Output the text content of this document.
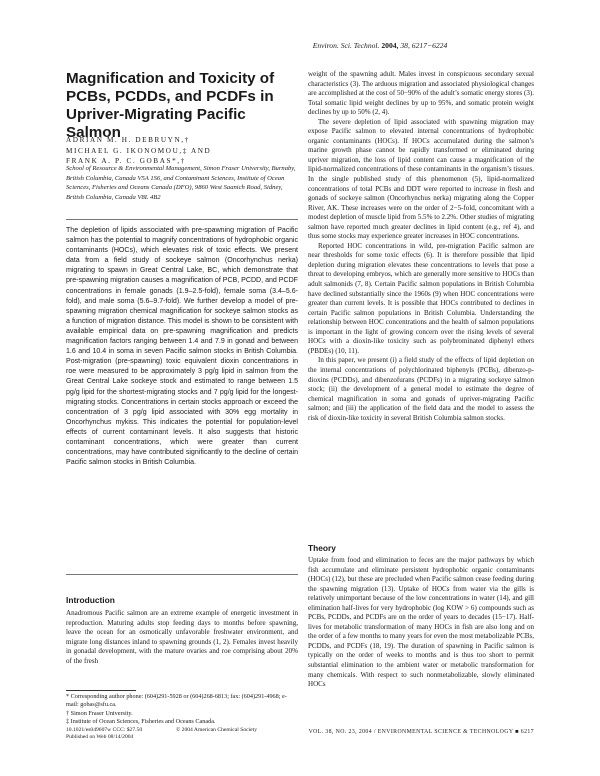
Environ. Sci. Technol. 2004, 38, 6217−6224
Magnification and Toxicity of PCBs, PCDDs, and PCDFs in Upriver-Migrating Pacific Salmon
ADRIAN M. H. DEBRUYN,†
MICHAEL G. IKONOMOU,‡ AND
FRANK A. P. C. GOBAS*,†
School of Resource & Environmental Management, Simon Fraser University, Burnaby, British Columbia, Canada V5A 1S6, and Contaminant Sciences, Institute of Ocean Sciences, Fisheries and Oceans Canada (DFO), 9860 West Saanich Road, Sidney, British Columbia, Canada V8L 4B2

The depletion of lipids associated with pre-spawning migration of Pacific salmon has the potential to magnify concentrations of hydrophobic organic contaminants (HOCs), which elevates risk of toxic effects. We present data from a field study of sockeye salmon (Oncorhynchus nerka) migrating to spawn in Great Central Lake, BC, which demonstrate that pre-spawning migration causes a magnification of PCB, PCDD, and PCDF concentrations in female gonads (1.9–2.5-fold), female soma (3.4–5.6-fold), and male soma (5.6–9.7-fold). We further develop a model of pre-spawning migration chemical magnification for sockeye salmon stocks as a function of migration distance. This model is shown to be consistent with available empirical data on pre-spawning magnification and predicts magnification factors ranging between 1.4 and 7.9 in gonad and between 1.6 and 10.4 in soma in seven Pacific salmon stocks in British Columbia. Post-migration (pre-spawning) toxic equivalent dioxin concentrations in roe were measured to be approximately 3 pg/g lipid in salmon from the Great Central Lake sockeye stock and estimated to range between 1.5 pg/g lipid for the shortest-migrating stocks and 7 pg/g lipid for the longest-migrating stocks. Concentrations in certain stocks approach or exceed the concentration of 3 pg/g lipid associated with 30% egg mortality in Oncorhynchus mykiss. This indicates the potential for population-level effects of current contaminant levels. It also suggests that historic contaminant concentrations, which were greater than current concentrations, may have contributed significantly to the decline of certain Pacific salmon stocks in British Columbia.

Introduction

Anadromous Pacific salmon are an extreme example of energetic investment in reproduction. Maturing adults stop feeding days to months before spawning, leave the ocean for an osmotically unfavorable freshwater environment, and migrate long distances inland to spawning grounds (1, 2). Females invest heavily in gonadal development, with the mature ovaries and roe comprising about 20% of the fresh

* Corresponding author phone: (604)291-5928 or (604)268-6813; fax: (604)291-4968; e-mail: gobas@sfu.ca.

† Simon Fraser University.

‡ Institute of Ocean Sciences, Fisheries and Oceans Canada.

weight of the spawning adult. Males invest in conspicuous secondary sexual characteristics (3). The arduous migration and associated physiological changes are accomplished at the cost of 50−90% of the adult’s somatic energy stores (3). Total somatic lipid weight declines by up to 95%, and somatic protein weight declines by up to 50% (2, 4).

The severe depletion of lipid associated with spawning migration may expose Pacific salmon to elevated internal concentrations of hydrophobic organic contaminants (HOCs). If HOCs accumulated during the salmon’s marine growth phase cannot be rapidly transformed or eliminated during upriver migration, the loss of lipid content can cause a magnification of the lipid-normalized concentrations of these contaminants in the organism’s tissues. In the single published study of this phenomenon (5), lipid-normalized concentrations of total PCBs and DDT were reported to increase in flesh and gonads of sockeye salmon (Oncorhynchus nerka) migrating along the Copper River, AK. These increases were on the order of 2−5-fold, concomitant with a modest depletion of muscle lipid from 5.5% to 2.2%. Other studies of migrating salmon have reported much greater declines in lipid content (e.g., ref 4), and thus some stocks may experience greater increases in HOC concentrations.

Reported HOC concentrations in wild, pre-migration Pacific salmon are near thresholds for some toxic effects (6). It is therefore possible that lipid depletion during migration elevates these concentrations to levels that pose a threat to developing embryos, which are generally more sensitive to HOCs than adult salmonids (7, 8). Certain Pacific salmon populations in British Columbia have declined substantially since the 1960s (9) when HOC concentrations were greater than current levels. It is possible that HOCs contributed to declines in certain Pacific salmon populations in British Columbia. Understanding the relationship between HOC concentrations and the health of salmon populations is important in the light of growing concern over the rising levels of several HOCs with a dioxin-like toxicity such as polybrominated diphenyl ethers (PBDEs) (10, 11).

In this paper, we present (i) a field study of the effects of lipid depletion on the internal concentrations of polychlorinated biphenyls (PCBs), dibenzo-p-dioxins (PCDDs), and dibenzofurans (PCDFs) in a migrating sockeye salmon stock; (ii) the development of a general model to estimate the degree of chemical magnification in soma and gonads of upriver-migrating Pacific salmon; and (iii) the application of the field data and the model to assess the risk of dioxin-like toxicity in several British Columbia salmon stocks.

Theory

Uptake from food and elimination to feces are the major pathways by which fish accumulate and eliminate persistent hydrophobic organic contaminants (HOCs) (12), but these are precluded when Pacific salmon cease feeding during the spawning migration (13). Uptake of HOCs from water via the gills is relatively unimportant because of the low concentrations in water (14), and gill elimination half-lives for very hydrophobic (log KOW > 6) compounds such as PCBs, PCDDs, and PCDFs are on the order of years to decades (15−17). Half-lives for metabolic transformation of many HOCs in fish are also long and on the order of a few months to many years for even the most metabolizable PCBs, PCDDs, and PCDFs (18, 19). The duration of spawning in Pacific salmon is typically on the order of weeks to months and is thus too short to permit substantial elimination to the ambient water or metabolic transformation for many chemicals. With respect to such nonmetabolizable, slowly eliminated HOCs

10.1021/es049607w CCC: $27.50
Published on Web 08/14/2004
© 2004 American Chemical Society	VOL. 38, NO. 23, 2004 / ENVIRONMENTAL SCIENCE & TECHNOLOGY ■ 6217
